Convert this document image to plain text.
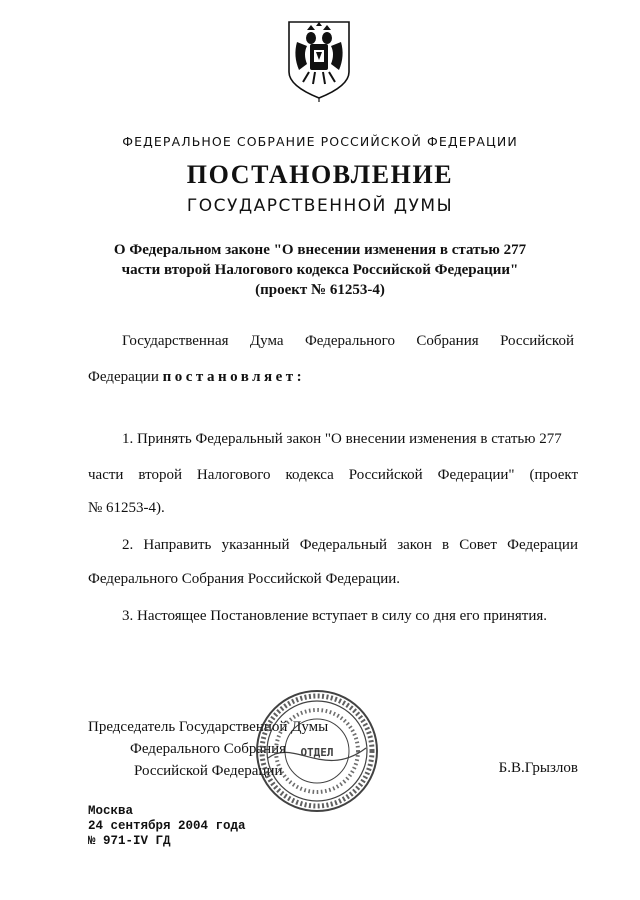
ФЕДЕРАЛЬНОЕ СОБРАНИЕ РОССИЙСКОЙ ФЕДЕРАЦИИ
ПОСТАНОВЛЕНИЕ
ГОСУДАРСТВЕННОЙ ДУМЫ
О Федеральном законе "О внесении изменения в статью 277
части второй Налогового кодекса Российской Федерации"
(проект № 61253-4)
Государственная Дума Федерального Собрания Российской
Федерации постановляет:
1. Принять Федеральный закон "О внесении изменения в статью 277
части второй Налогового кодекса Российской Федерации" (проект
№ 61253-4).
2. Направить указанный Федеральный закон в Совет Федерации
Федерального Собрания Российской Федерации.
3. Настоящее Постановление вступает в силу со дня его принятия.
Председатель Государственной Думы
Федерального Собрания
Российской Федерации
ОТДЕЛ
Б.В.Грызлов
Москва
24 сентября 2004 года
№ 971-IV ГД
